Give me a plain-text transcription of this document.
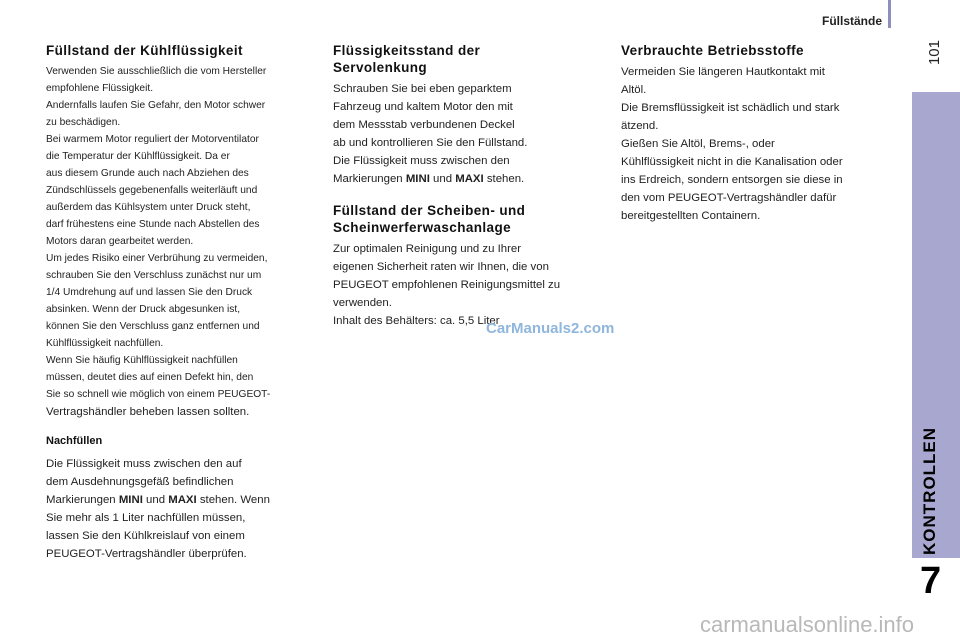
Füllstände
101
KONTROLLEN
7
Füllstand der Kühlflüssigkeit

Verwenden Sie ausschließlich die vom Hersteller
empfohlene Flüssigkeit.
Andernfalls laufen Sie Gefahr, den Motor schwer
zu beschädigen.
Bei warmem Motor reguliert der Motorventilator
die Temperatur der Kühlflüssigkeit. Da er
aus diesem Grunde auch nach Abziehen des
Zündschlüssels gegebenenfalls weiterläuft und
außerdem das Kühlsystem unter Druck steht,
darf frühestens eine Stunde nach Abstellen des
Motors daran gearbeitet werden.
Um jedes Risiko einer Verbrühung zu vermeiden,
schrauben Sie den Verschluss zunächst nur um
1/4 Umdrehung auf und lassen Sie den Druck
absinken. Wenn der Druck abgesunken ist,
können Sie den Verschluss ganz entfernen und
Kühlflüssigkeit nachfüllen.
Wenn Sie häufig Kühlflüssigkeit nachfüllen
müssen, deutet dies auf einen Defekt hin, den
Sie so schnell wie möglich von einem PEUGEOT-

Vertragshändler beheben lassen sollten.

Nachfüllen

Die Flüssigkeit muss zwischen den auf
dem Ausdehnungsgefäß befindlichen
Markierungen MINI und MAXI stehen. Wenn
Sie mehr als 1 Liter nachfüllen müssen,
lassen Sie den Kühlkreislauf von einem
PEUGEOT-Vertragshändler überprüfen.

Flüssigkeitsstand der
Servolenkung

Schrauben Sie bei eben geparktem
Fahrzeug und kaltem Motor den mit
dem Messstab verbundenen Deckel
ab und kontrollieren Sie den Füllstand.
Die Flüssigkeit muss zwischen den
Markierungen MINI und MAXI stehen.

Füllstand der Scheiben- und
Scheinwerferwaschanlage

Zur optimalen Reinigung und zu Ihrer
eigenen Sicherheit raten wir Ihnen, die von
PEUGEOT empfohlenen Reinigungsmittel zu
verwenden.
Inhalt des Behälters: ca. 5,5 Liter

Verbrauchte Betriebsstoffe

Vermeiden Sie längeren Hautkontakt mit
Altöl.
Die Bremsflüssigkeit ist schädlich und stark
ätzend.
Gießen Sie Altöl, Brems-, oder
Kühlflüssigkeit nicht in die Kanalisation oder
ins Erdreich, sondern entsorgen sie diese in
den vom PEUGEOT-Vertragshändler dafür
bereitgestellten Containern.

CarManuals2.com
carmanualsonline.info
